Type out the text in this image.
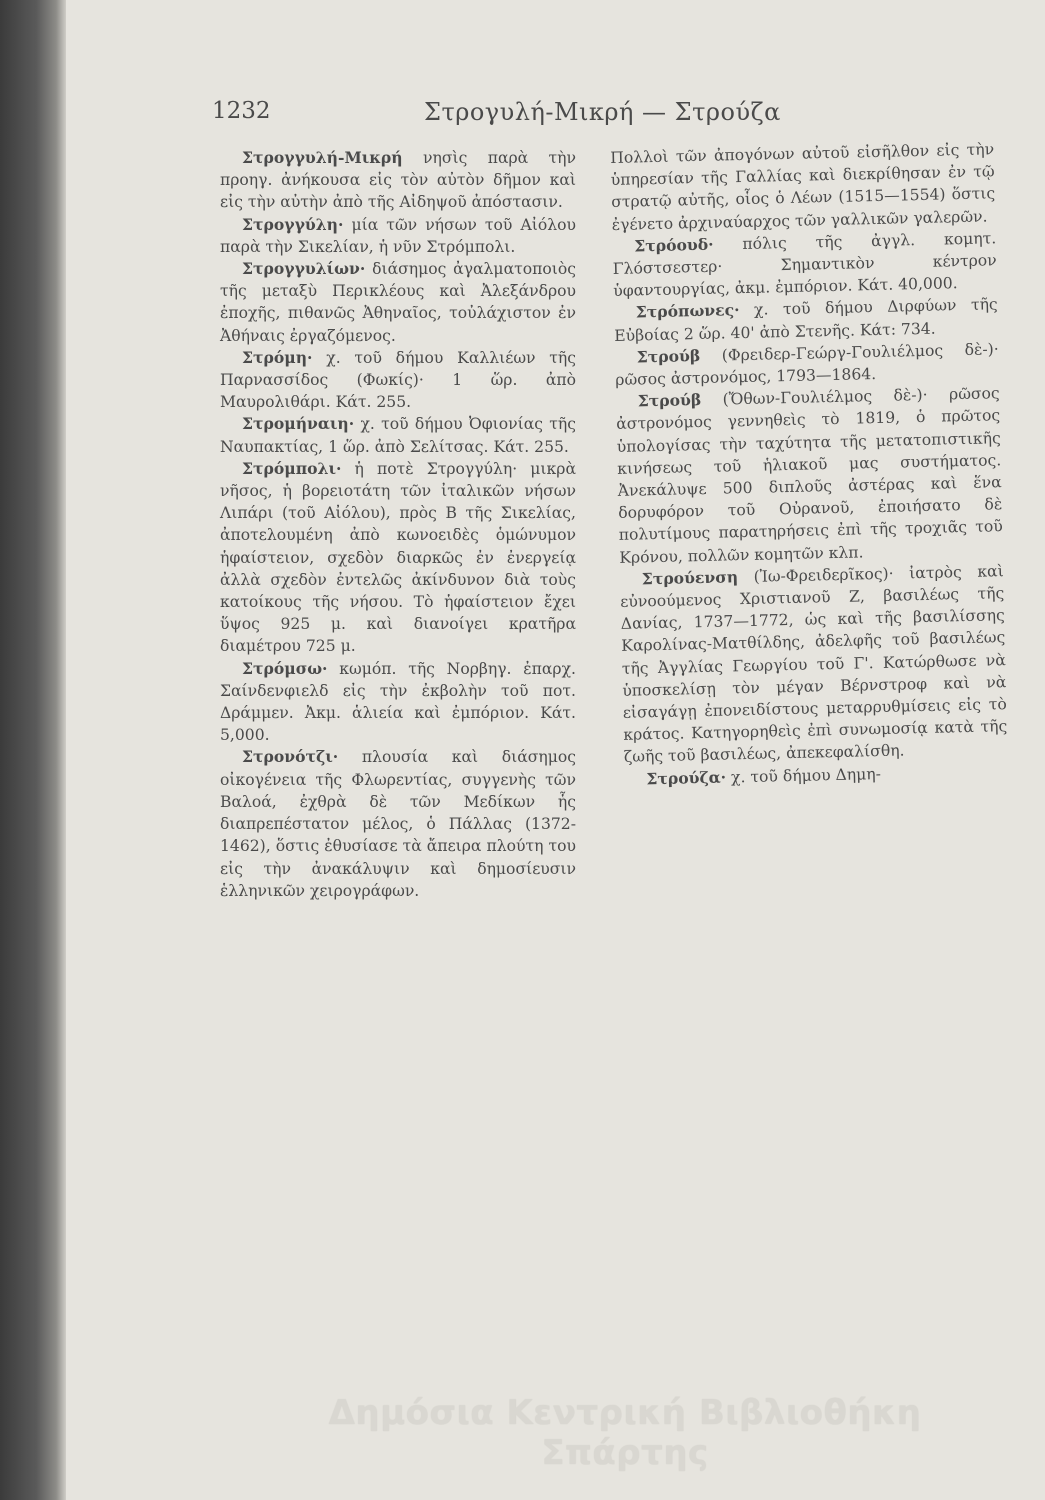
1232	Στρογυλή-Μικρή — Στρούζα

Στρογγυλή-Μικρή νησὶς παρὰ τὴν προηγ. ἀνήκουσα εἰς τὸν αὐτὸν δῆμον καὶ εἰς τὴν αὐτὴν ἀπὸ τῆς Αἰδηψοῦ ἀπόστασιν.

Στρογγύλη· μία τῶν νήσων τοῦ Αἰόλου παρὰ τὴν Σικελίαν, ἡ νῦν Στρόμπολι.

Στρογγυλίων· διάσημος ἀγαλματοποιὸς τῆς μεταξὺ Περικλέους καὶ Ἀλεξάνδρου ἐποχῆς, πιθανῶς Ἀθηναῖος, τοὐλάχιστον ἐν Ἀθήναις ἐργαζόμενος.

Στρόμη· χ. τοῦ δήμου Καλλιέων τῆς Παρνασσίδος (Φωκίς)· 1 ὥρ. ἀπὸ Μαυρολιθάρι. Κάτ. 255.

Στρομήναιη· χ. τοῦ δήμου Ὀφιονίας τῆς Ναυπακτίας, 1 ὥρ. ἀπὸ Σελίτσας. Κάτ. 255.

Στρόμπολι· ἡ ποτὲ Στρογγύλη· μικρὰ νῆσος, ἡ βορειοτάτη τῶν ἰταλικῶν νήσων Λιπάρι (τοῦ Αἰόλου), πρὸς Β τῆς Σικελίας, ἀποτελουμένη ἀπὸ κωνοειδὲς ὁμώνυμον ἡφαίστειον, σχεδὸν διαρκῶς ἐν ἐνεργείᾳ ἀλλὰ σχεδὸν ἐντελῶς ἀκίνδυνον διὰ τοὺς κατοίκους τῆς νήσου. Τὸ ἡφαίστειον ἔχει ὕψος 925 μ. καὶ διανοίγει κρατῆρα διαμέτρου 725 μ.

Στρόμσω· κωμόπ. τῆς Νορβηγ. ἐπαρχ. Σαίνδενφιελδ εἰς τὴν ἐκβολὴν τοῦ ποτ. Δράμμεν. Ἀκμ. ἁλιεία καὶ ἐμπόριον. Κάτ. 5,000.

Στρονότζι· πλουσία καὶ διάσημος οἰκογένεια τῆς Φλωρεντίας, συγγενὴς τῶν Βαλοά, ἐχθρὰ δὲ τῶν Μεδίκων ἧς διαπρεπέστατον μέλος, ὁ Πάλλας (1372-1462), ὅστις ἐθυσίασε τὰ ἄπειρα πλούτη του εἰς τὴν ἀνακάλυψιν καὶ δημοσίευσιν ἑλληνικῶν χειρογράφων.

Πολλοὶ τῶν ἀπογόνων αὐτοῦ εἰσῆλθον εἰς τὴν ὑπηρεσίαν τῆς Γαλλίας καὶ διεκρίθησαν ἐν τῷ στρατῷ αὐτῆς, οἷος ὁ Λέων (1515—1554) ὅστις ἐγένετο ἀρχιναύαρχος τῶν γαλλικῶν γαλερῶν.

Στρόουδ· πόλις τῆς ἀγγλ. κομητ. Γλόστσεστερ· Σημαντικὸν κέντρον ὑφαντουργίας, ἀκμ. ἐμπόριον. Κάτ. 40,000.

Στρόπωνες· χ. τοῦ δήμου Διρφύων τῆς Εὐβοίας 2 ὥρ. 40' ἀπὸ Στενῆς. Κάτ: 734.

Στρούβ (Φρειδερ-Γεώργ-Γουλιέλμος δὲ-)· ρῶσος ἀστρονόμος, 1793—1864.

Στρούβ (Ὄθων-Γουλιέλμος δὲ-)· ρῶσος ἀστρονόμος γεννηθεὶς τὸ 1819, ὁ πρῶτος ὑπολογίσας τὴν ταχύτητα τῆς μετατοπιστικῆς κινήσεως τοῦ ἡλιακοῦ μας συστήματος. Ἀνεκάλυψε 500 διπλοῦς ἀστέρας καὶ ἕνα δορυφόρον τοῦ Οὐρανοῦ, ἐποιήσατο δὲ πολυτίμους παρατηρήσεις ἐπὶ τῆς τροχιᾶς τοῦ Κρόνου, πολλῶν κομητῶν κλπ.

Στρούενση (Ἰω-Φρειδερῖκος)· ἰατρὸς καὶ εὐνοούμενος Χριστιανοῦ Ζ, βασιλέως τῆς Δανίας, 1737—1772, ὡς καὶ τῆς βασιλίσσης Καρολίνας-Ματθίλδης, ἀδελφῆς τοῦ βασιλέως τῆς Ἀγγλίας Γεωργίου τοῦ Γ'. Κατώρθωσε νὰ ὑποσκελίσῃ τὸν μέγαν Βέρνστροφ καὶ νὰ εἰσαγάγῃ ἐπονειδίστους μεταρρυθμίσεις εἰς τὸ κράτος. Κατηγορηθεὶς ἐπὶ συνωμοσίᾳ κατὰ τῆς ζωῆς τοῦ βασιλέως, ἀπεκεφαλίσθη.

Στρούζα· χ. τοῦ δήμου Δημη-

Δημόσια Κεντρική Βιβλιοθήκη Σπάρτης
